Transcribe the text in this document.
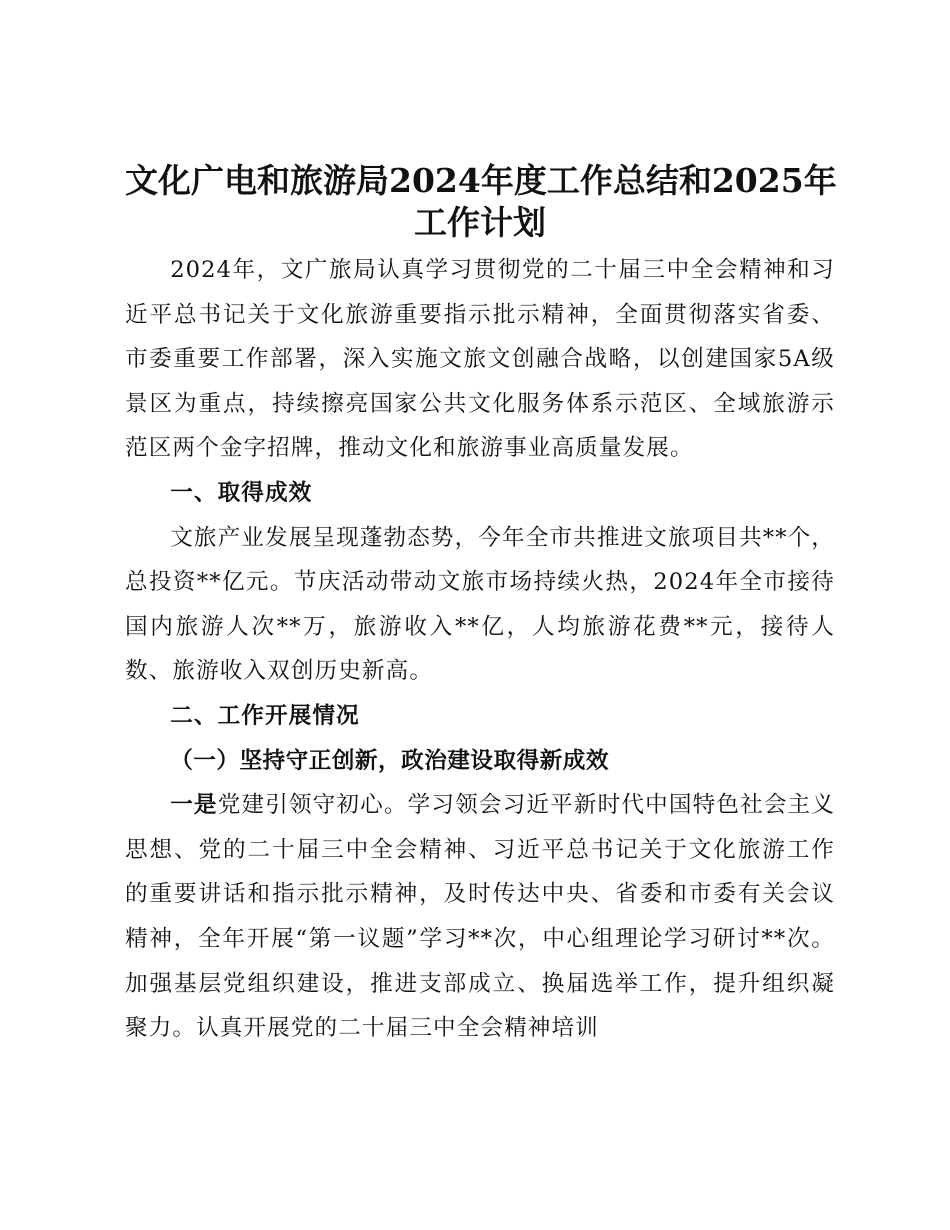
文化广电和旅游局2024年度工作总结和2025年
工作计划

2024年，文广旅局认真学习贯彻党的二十届三中全会精神和习近平总书记关于文化旅游重要指示批示精神，全面贯彻落实省委、市委重要工作部署，深入实施文旅文创融合战略，以创建国家5A级景区为重点，持续擦亮国家公共文化服务体系示范区、全域旅游示范区两个金字招牌，推动文化和旅游事业高质量发展。

一、取得成效

文旅产业发展呈现蓬勃态势，今年全市共推进文旅项目共**个，总投资**亿元。节庆活动带动文旅市场持续火热，2024年全市接待国内旅游人次**万，旅游收入**亿，人均旅游花费**元，接待人数、旅游收入双创历史新高。

二、工作开展情况

（一）坚持守正创新，政治建设取得新成效

一是党建引领守初心。学习领会习近平新时代中国特色社会主义思想、党的二十届三中全会精神、习近平总书记关于文化旅游工作的重要讲话和指示批示精神，及时传达中央、省委和市委有关会议精神，全年开展“第一议题”学习**次，中心组理论学习研讨**次。加强基层党组织建设，推进支部成立、换届选举工作，提升组织凝聚力。认真开展党的二十届三中全会精神培训
